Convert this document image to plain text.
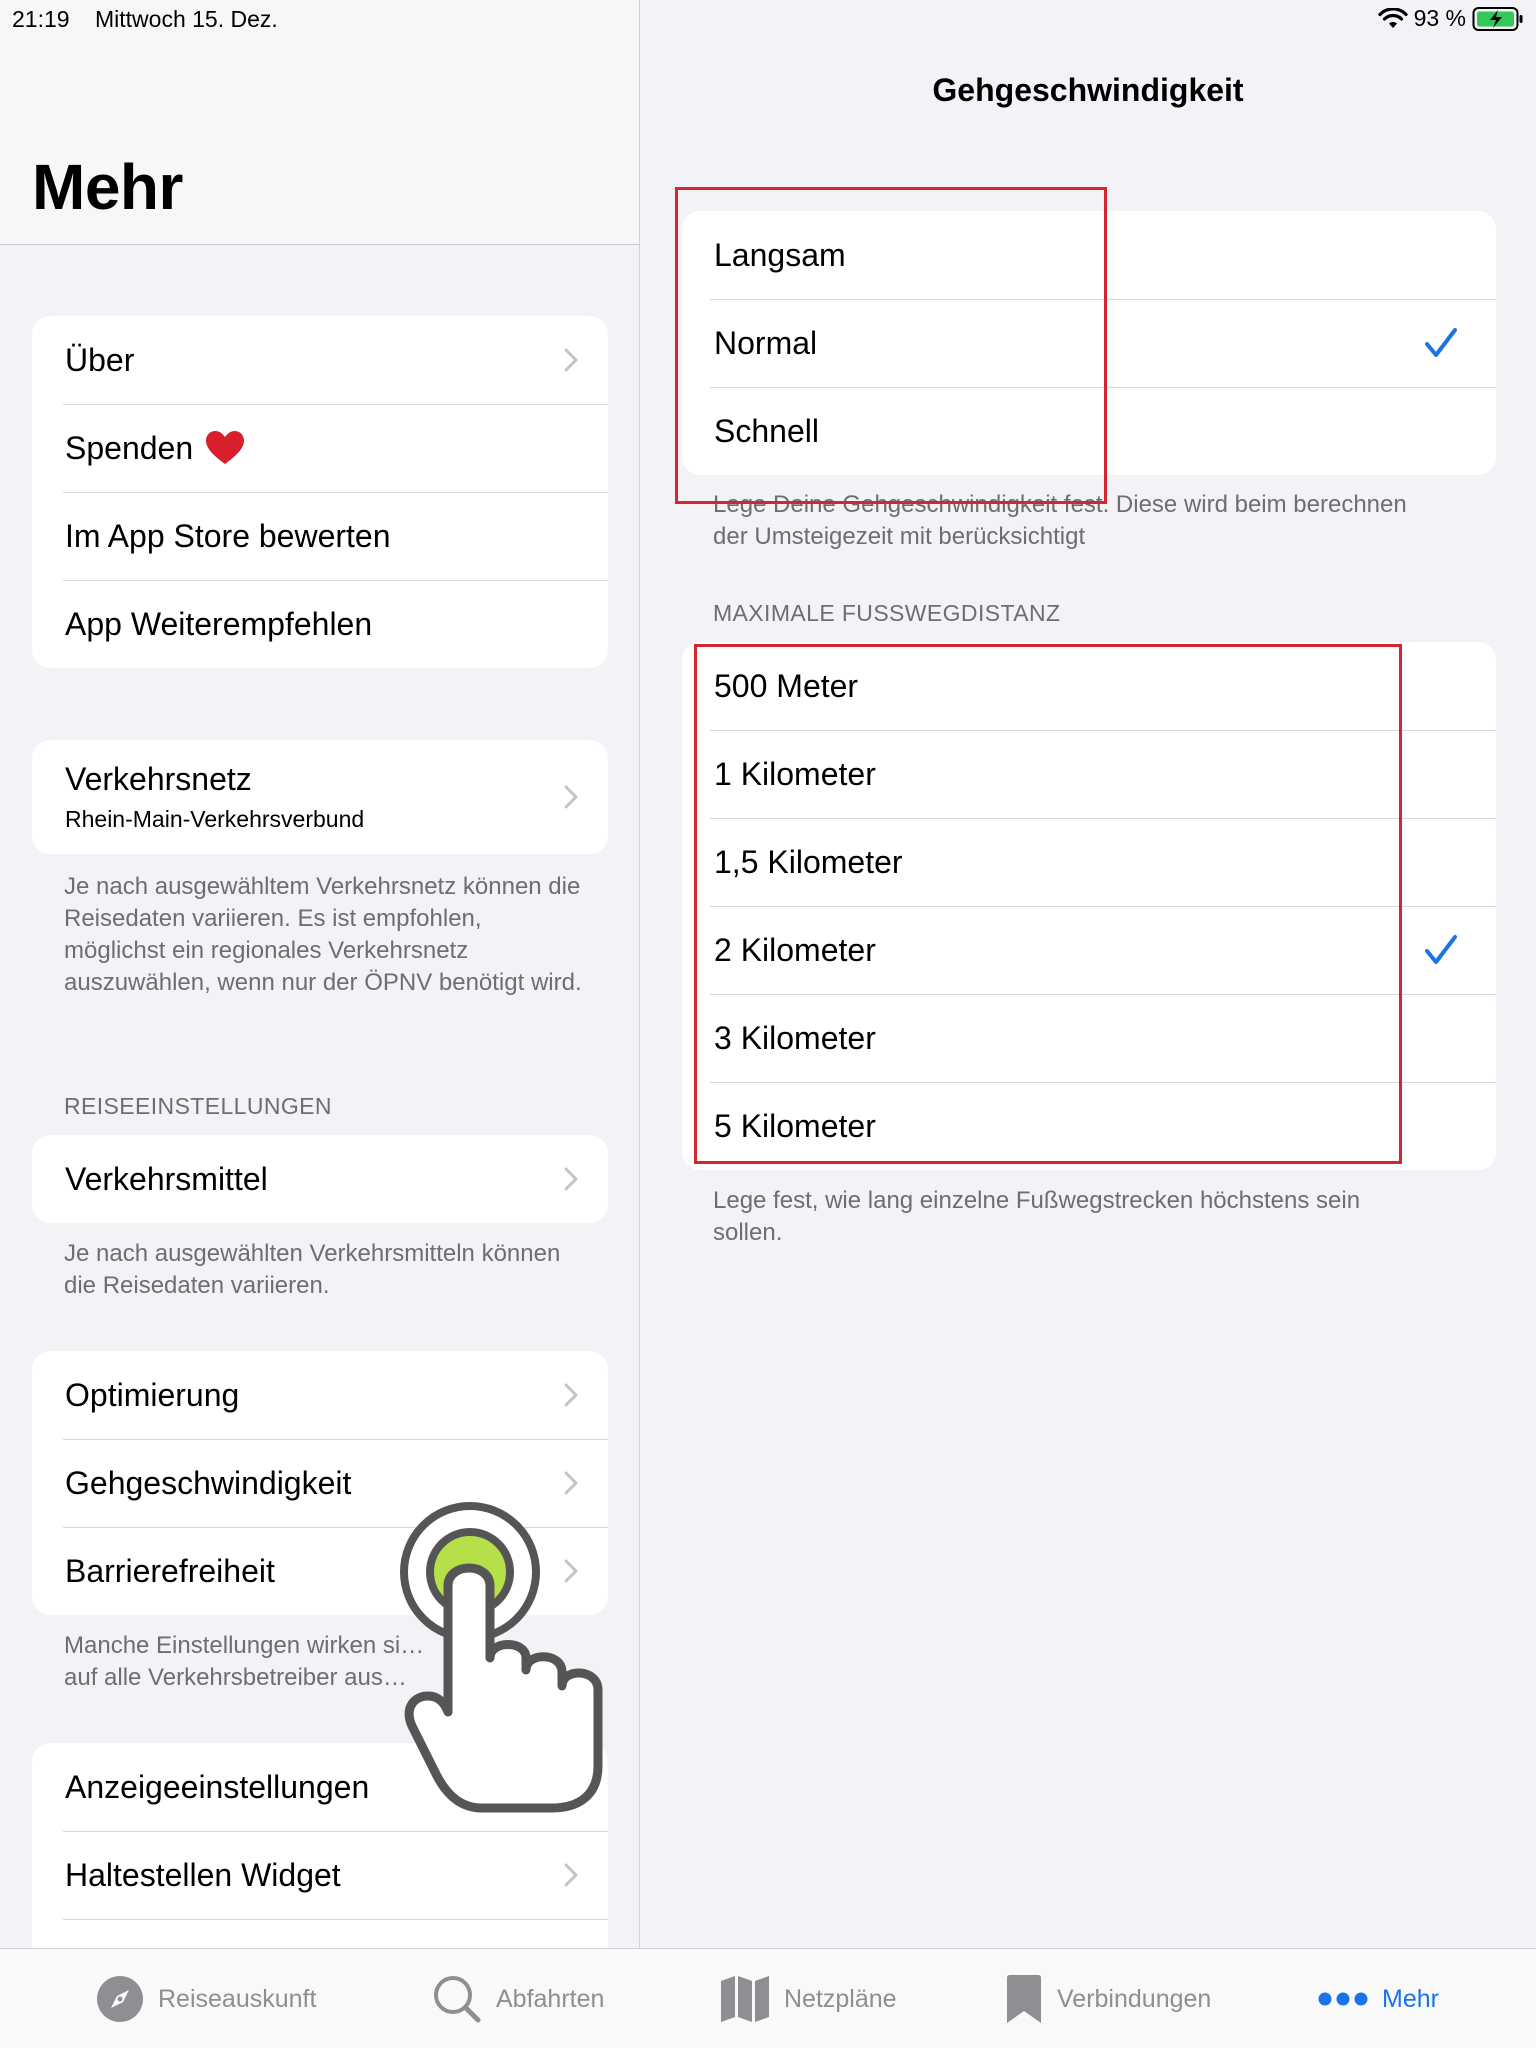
21:19 Mittwoch 15. Dez.	93 %
Mehr
Über
Spenden
Im App Store bewerten
App Weiterempfehlen
Verkehrsnetz
Rhein-Main-Verkehrsverbund
Je nach ausgewähltem Verkehrsnetz können die Reisedaten variieren. Es ist empfohlen, möglichst ein regionales Verkehrsnetz auszuwählen, wenn nur der ÖPNV benötigt wird.
REISEEINSTELLUNGEN
Verkehrsmittel
Je nach ausgewählten Verkehrsmitteln können die Reisedaten variieren.
Optimierung
Gehgeschwindigkeit
Barrierefreiheit
Manche Einstellungen wirken si… auf alle Verkehrsbetreiber aus…
Anzeigeeinstellungen
Haltestellen Widget
Gehgeschwindigkeit
Langsam
Normal
Schnell
Lege Deine Gehgeschwindigkeit fest. Diese wird beim berechnen der Umsteigezeit mit berücksichtigt
MAXIMALE FUSSWEGDISTANZ
500 Meter
1 Kilometer
1,5 Kilometer
2 Kilometer
3 Kilometer
5 Kilometer
Lege fest, wie lang einzelne Fußwegstrecken höchstens sein sollen.
Reiseauskunft	Abfahrten	Netzpläne	Verbindungen	Mehr
